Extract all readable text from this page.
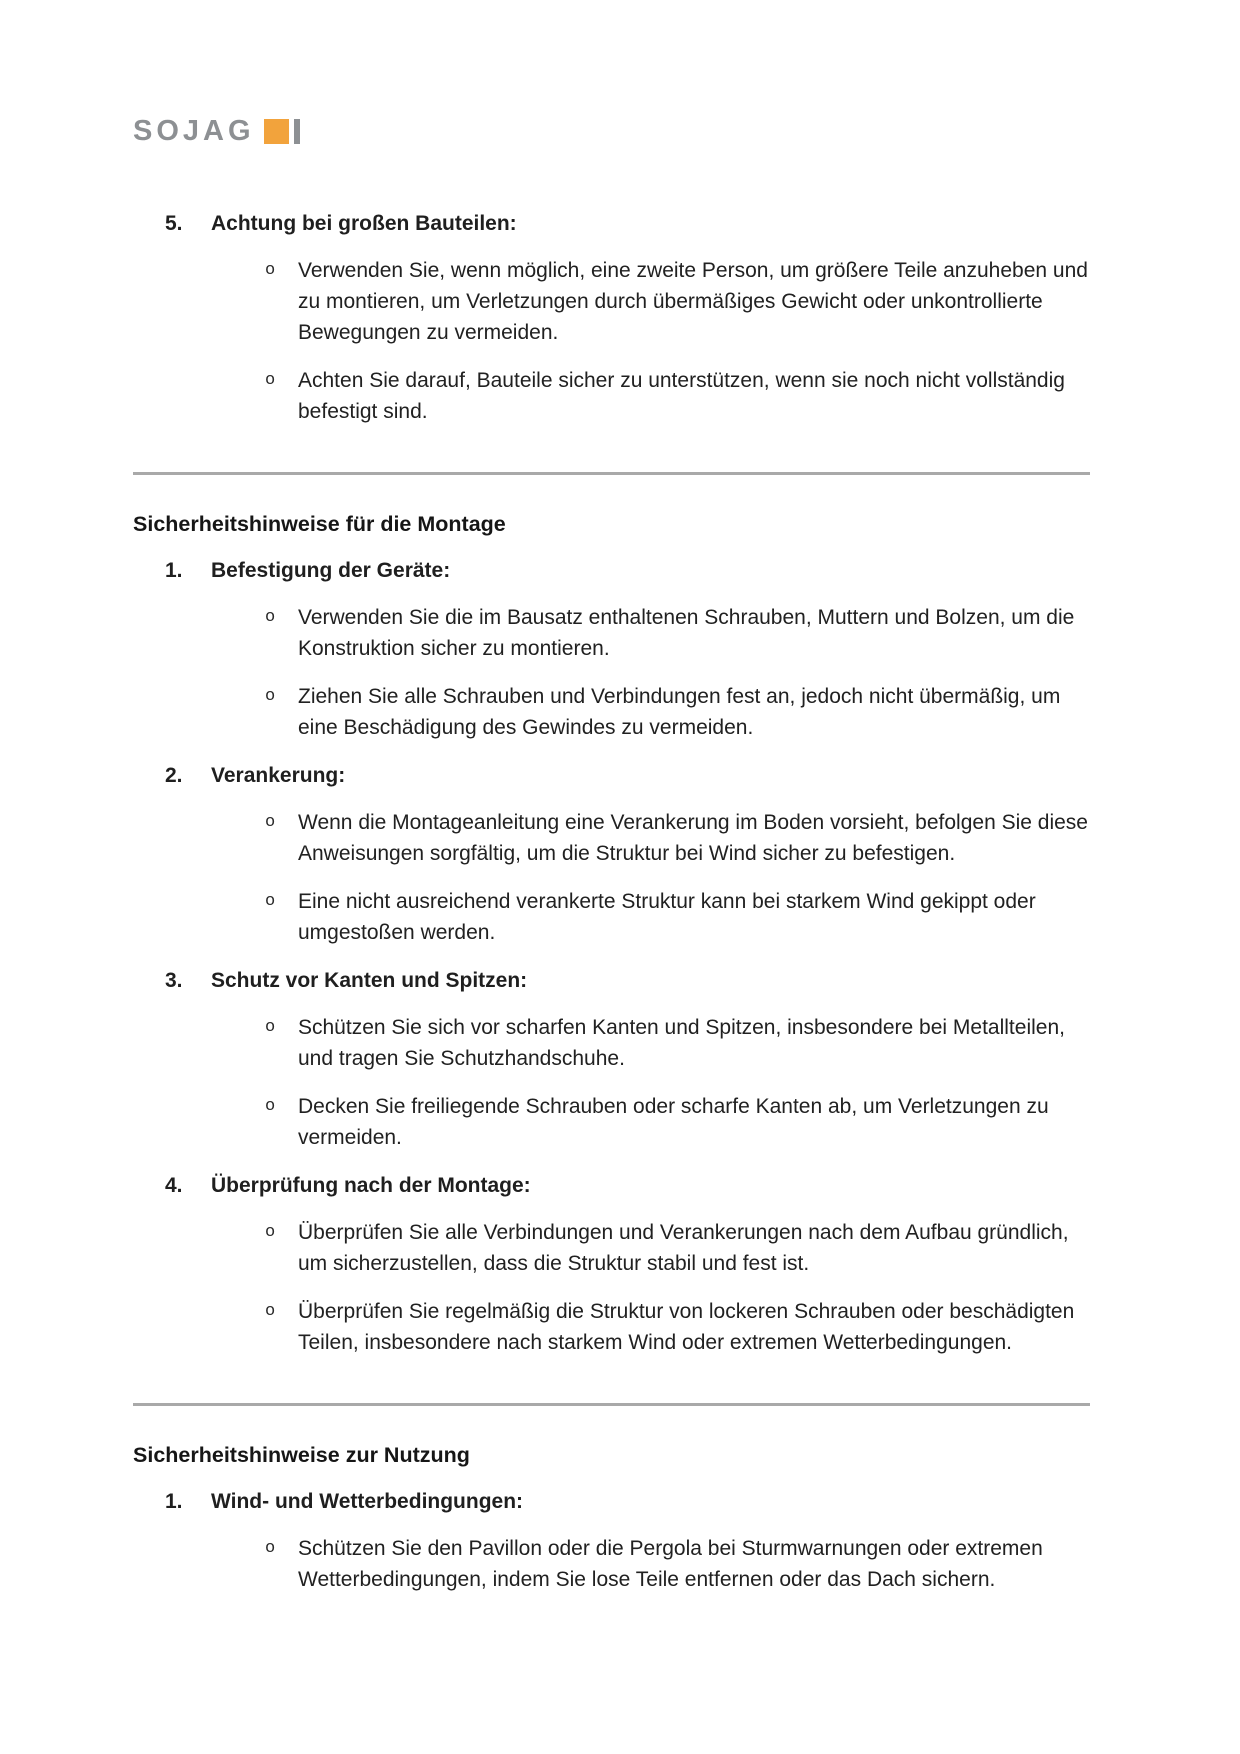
SOJAG
5.	Achtung bei großen Bauteilen:
o	Verwenden Sie, wenn möglich, eine zweite Person, um größere Teile anzuheben und zu montieren, um Verletzungen durch übermäßiges Gewicht oder unkontrollierte Bewegungen zu vermeiden.
o	Achten Sie darauf, Bauteile sicher zu unterstützen, wenn sie noch nicht vollständig befestigt sind.
Sicherheitshinweise für die Montage
1.	Befestigung der Geräte:
o	Verwenden Sie die im Bausatz enthaltenen Schrauben, Muttern und Bolzen, um die Konstruktion sicher zu montieren.
o	Ziehen Sie alle Schrauben und Verbindungen fest an, jedoch nicht übermäßig, um eine Beschädigung des Gewindes zu vermeiden.
2.	Verankerung:
o	Wenn die Montageanleitung eine Verankerung im Boden vorsieht, befolgen Sie diese Anweisungen sorgfältig, um die Struktur bei Wind sicher zu befestigen.
o	Eine nicht ausreichend verankerte Struktur kann bei starkem Wind gekippt oder umgestoßen werden.
3.	Schutz vor Kanten und Spitzen:
o	Schützen Sie sich vor scharfen Kanten und Spitzen, insbesondere bei Metallteilen, und tragen Sie Schutzhandschuhe.
o	Decken Sie freiliegende Schrauben oder scharfe Kanten ab, um Verletzungen zu vermeiden.
4.	Überprüfung nach der Montage:
o	Überprüfen Sie alle Verbindungen und Verankerungen nach dem Aufbau gründlich, um sicherzustellen, dass die Struktur stabil und fest ist.
o	Überprüfen Sie regelmäßig die Struktur von lockeren Schrauben oder beschädigten Teilen, insbesondere nach starkem Wind oder extremen Wetterbedingungen.
Sicherheitshinweise zur Nutzung
1.	Wind- und Wetterbedingungen:
o	Schützen Sie den Pavillon oder die Pergola bei Sturmwarnungen oder extremen Wetterbedingungen, indem Sie lose Teile entfernen oder das Dach sichern.
